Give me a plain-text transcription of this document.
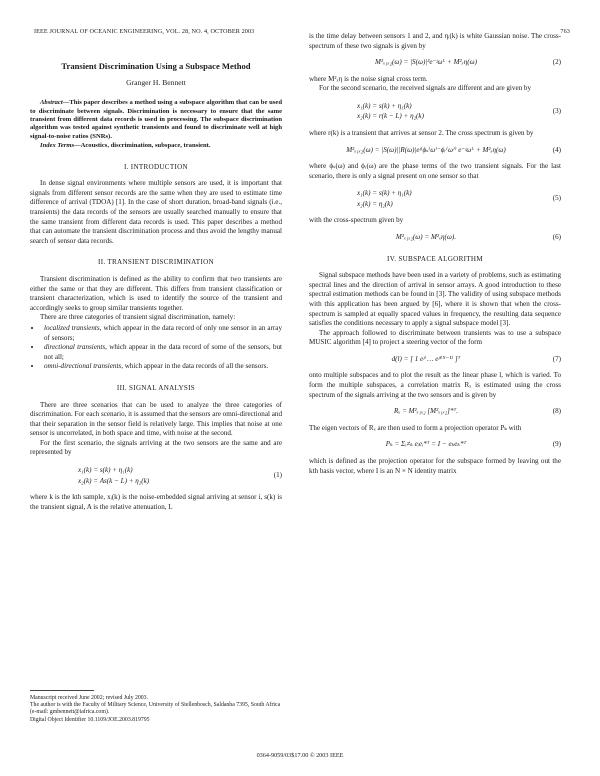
IEEE JOURNAL OF OCEANIC ENGINEERING, VOL. 28, NO. 4, OCTOBER 2003	763
Transient Discrimination Using a Subspace Method
Granger H. Bennett
Abstract—This paper describes a method using a subspace algorithm that can be used to discriminate between signals. Discrimination is necessary to ensure that the same transient from different data records is used in processing. The subspace discrimination algorithm was tested against synthetic transients and found to discriminate well at high signal-to-noise ratios (SNRs).
Index Terms—Acoustics, discrimination, subspace, transient.
I. INTRODUCTION

In dense signal environments where multiple sensors are used, it is important that signals from different sensor records are the same when they are used to estimate time difference of arrival (TDOA) [1]. In the case of short duration, broad-band signals (i.e., transients) the data records of the sensors are usually searched manually to ensure that the same transient from different data records is used. This paper describes a method that can automate the transient discrimination process and thus avoid the lengthy manual search of sensor data records.

II. TRANSIENT DISCRIMINATION

Transient discrimination is defined as the ability to confirm that two transients are either the same or that they are different. This differs from transient classification or transient characterization, which is used to identify the source of the transient and accordingly seeks to group similar transients together.

There are three categories of transient signal discrimination, namely:

• localized transients, which appear in the data record of only one sensor in an array of sensors;
• directional transients, which appear in the data record of some of the sensors, but not all;
• omni-directional transients, which appear in the data records of all the sensors.
III. SIGNAL ANALYSIS

There are three scenarios that can be used to analyze the three categories of discrimination. For each scenario, it is assumed that the sensors are omni-directional and that their separation in the sensor field is relatively large. This implies that noise at one sensor is uncorrelated, in both space and time, with noise at the second.

For the first scenario, the signals arriving at the two sensors are the same and are represented by

x₁(k) = s(k) + η₁(k)
x₂(k) = As(k − L) + η₂(k)
(1)

where k is the kth sample, xᵢ(k) is the noise-embedded signal arriving at sensor i, s(k) is the transient signal, A is the relative attenuation, L

Manuscript received June 2002; revised July 2003.
The author is with the Faculty of Military Science, University of Stellenbosch, Saldanha 7395, South Africa (e-mail: gmbennett@iafrica.com).
Digital Object Identifier 10.1109/JOE.2003.819795

is the time delay between sensors 1 and 2, and ηᵢ(k) is white Gaussian noise. The cross-spectrum of these two signals is given by

M²ₓ₁ₓ₂(ω) = |S(ω)|²e⁻ʲωᴸ + M²ₓη(ω)	(2)

where M²ₓη is the noise signal cross term.

For the second scenario, the received signals are different and are given by

x₁(k) = s(k) + η₁(k)
x₂(k) = r(k − L) + η₂(k)
(3)

where r(k) is a transient that arrives at sensor 2. The cross spectrum is given by

M²ₓ₁ₓ₂(ω) = |S(ω)||R(ω)|eʲ⁽ϕₛ⁽ω⁾⁻ϕᵣ⁽ω⁾⁾ e⁻ʲωᴸ + M²ₓη(ω)	(4)

where ϕₛ(ω) and ϕᵣ(ω) are the phase terms of the two transient signals. For the last scenario, there is only a signal present on one sensor so that

x₁(k) = s(k) + η₁(k)
x₂(k) = η₂(k)
(5)

with the cross-spectrum given by

M²ₓ₁ₓ₂(ω) = M²ₓη(ω).	(6)
IV. SUBSPACE ALGORITHM

Signal subspace methods have been used in a variety of problems, such as estimating spectral lines and the direction of arrival in sensor arrays. A good introduction to these spectral estimation methods can be found in [3]. The validity of using subspace methods with this application has been argued by [6], where it is shown that when the cross-spectrum is sampled at equally spaced values in frequency, the resulting data sequence satisfies the conditions necessary to apply a signal subspace model [3].

The approach followed to discriminate between transients was to use a subspace MUSIC algorithm [4] to project a steering vector of the form

d(l) = [ 1 eʲˡ … eʲˡ⁽ᴺ⁻¹⁾ ]ᵀ	(7)

onto multiple subspaces and to plot the result as the linear phase l, which is varied. To form the multiple subspaces, a correlation matrix Rₓ is estimated using the cross spectrum of the signals arriving at the two sensors and is given by

Rₓ = M²ₓ₁ₓ₂ [M²ₓ₁ₓ₂]*ᵀ.	(8)

The eigen vectors of Rₓ are then used to form a projection operator Pₖ with

Pₖ = Σᵢ≠ₖ eᵢeᵢ*ᵀ = I − eₖeₖ*ᵀ	(9)

which is defined as the projection operator for the subspace formed by leaving out the kth basis vector, where I is an N × N identity matrix

0364-9059/03$17.00 © 2003 IEEE
